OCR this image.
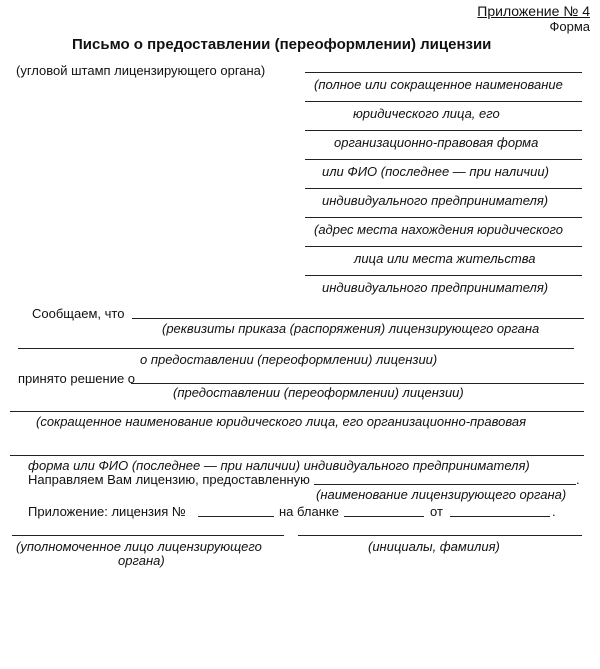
Приложение № 4
Форма
Письмо о предоставлении (переоформлении) лицензии
(угловой штамп лицензирующего органа)
(полное или сокращенное наименование
юридического лица, его
организационно-правовая форма
или ФИО (последнее — при наличии)
индивидуального предпринимателя)
(адрес места нахождения юридического
лица или места жительства
индивидуального предпринимателя)
Сообщаем, что
(реквизиты приказа (распоряжения) лицензирующего органа
о предоставлении (переоформлении) лицензии)
принято решение о
(предоставлении (переоформлении) лицензии)
(сокращенное наименование юридического лица, его организационно-правовая
форма или ФИО (последнее — при наличии) индивидуального предпринимателя)
Направляем Вам лицензию, предоставленную	.
(наименование лицензирующего органа)
Приложение: лицензия №	на бланке	от	.
(уполномоченное лицо лицензирующего
органа)
(инициалы, фамилия)
